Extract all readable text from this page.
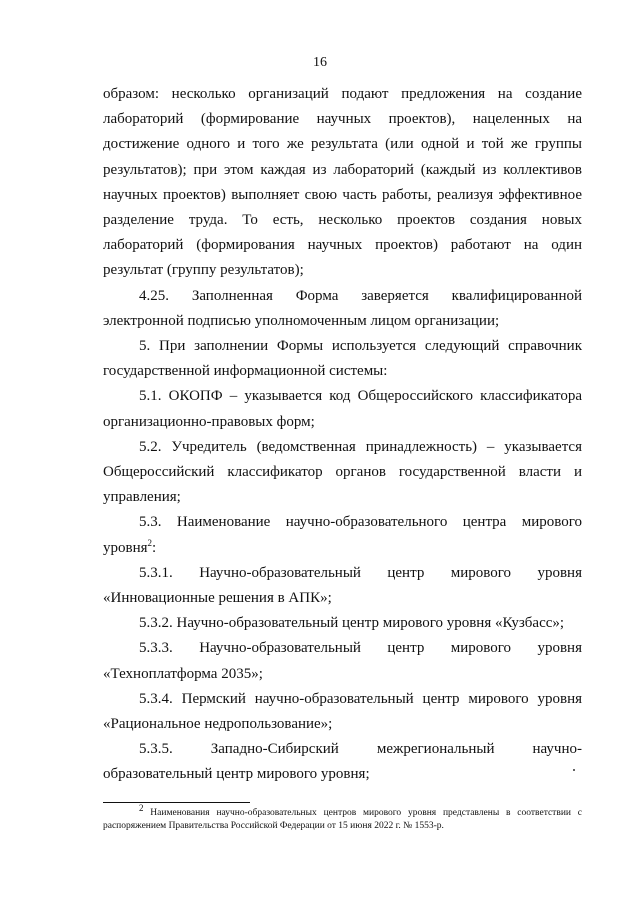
16

образом: несколько организаций подают предложения на создание лабораторий (формирование научных проектов), нацеленных на достижение одного и того же результата (или одной и той же группы результатов); при этом каждая из лабораторий (каждый из коллективов научных проектов) выполняет свою часть работы, реализуя эффективное разделение труда. То есть, несколько проектов создания новых лабораторий (формирования научных проектов) работают на один результат (группу результатов);

4.25. Заполненная Форма заверяется квалифицированной электронной подписью уполномоченным лицом организации;

5. При заполнении Формы используется следующий справочник государственной информационной системы:

5.1. ОКОПФ – указывается код Общероссийского классификатора организационно-правовых форм;

5.2. Учредитель (ведомственная принадлежность) – указывается Общероссийский классификатор органов государственной власти и управления;

5.3. Наименование научно-образовательного центра мирового уровня$^2$:

5.3.1. Научно-образовательный центр мирового уровня «Инновационные решения в АПК»;

5.3.2. Научно-образовательный центр мирового уровня «Кузбасс»;

5.3.3. Научно-образовательный центр мирового уровня «Техноплатформа 2035»;

5.3.4. Пермский научно-образовательный центр мирового уровня «Рациональное недропользование»;

5.3.5. Западно-Сибирский межрегиональный научно-образовательный центр мирового уровня;

$^2$ Наименования научно-образовательных центров мирового уровня представлены в соответствии с распоряжением Правительства Российской Федерации от 15 июня 2022 г. № 1553-р.
